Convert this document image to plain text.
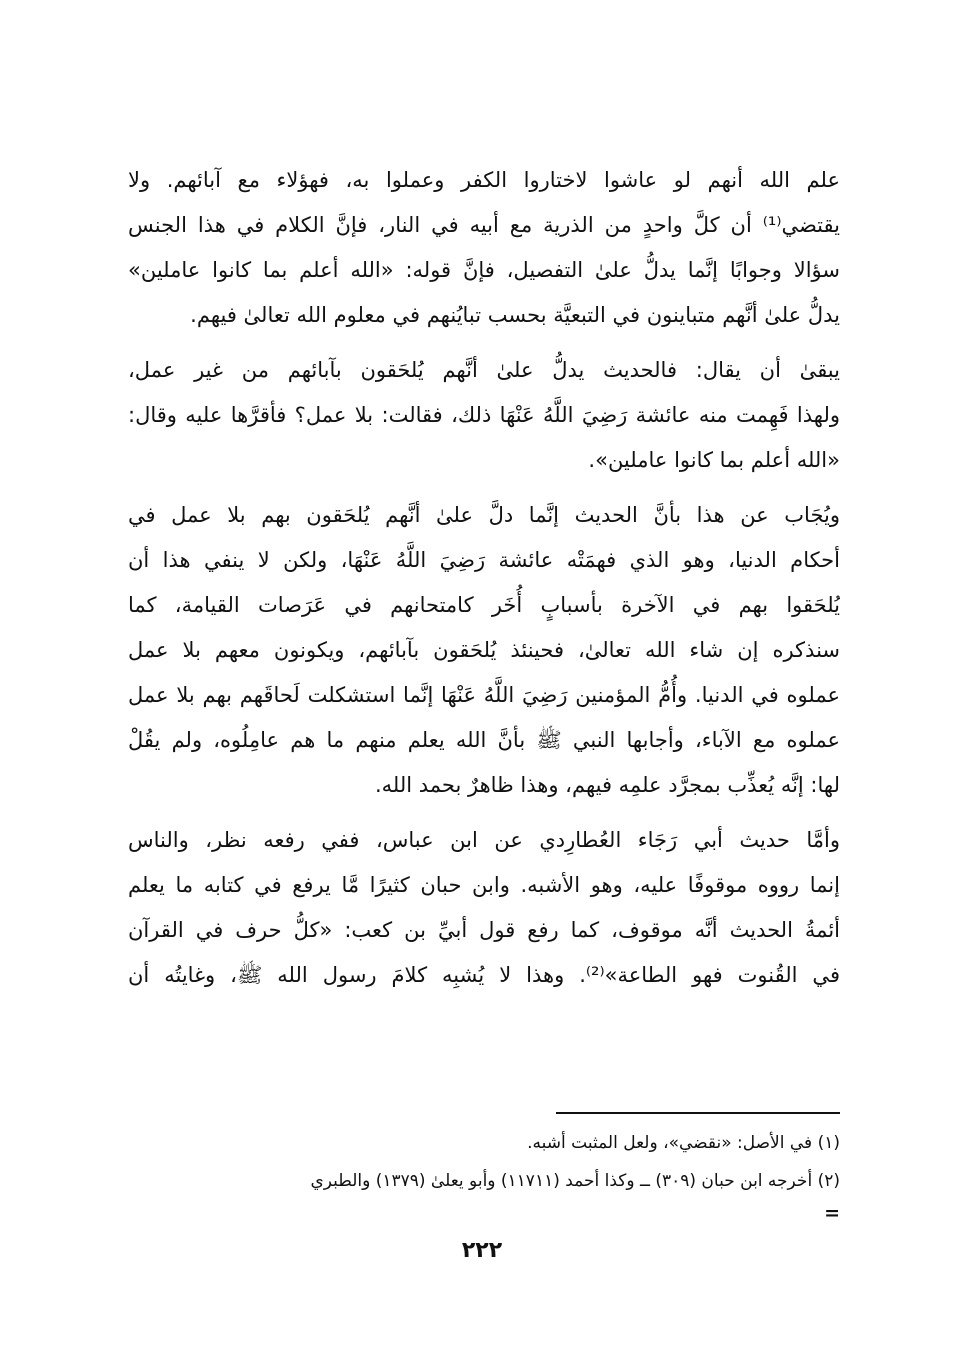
علم الله أنهم لو عاشوا لاختاروا الكفر وعملوا به، فهؤلاء مع آبائهم. ولا
يقتضي⁽¹⁾ أن كلَّ واحدٍ من الذرية مع أبيه في النار، فإنَّ الكلام في هذا الجنس
سؤالا وجوابًا إنَّما يدلُّ علىٰ التفصيل، فإنَّ قوله: «الله أعلم بما كانوا عاملين»
يدلُّ علىٰ أنَّهم متباينون في التبعيَّة بحسب تبايُنهم في معلوم الله تعالىٰ فيهم.
يبقىٰ أن يقال: فالحديث يدلُّ علىٰ أنَّهم يُلحَقون بآبائهم من غير عمل،
ولهذا فَهِمت منه عائشة رَضِيَ اللَّهُ عَنْهَا ذلك، فقالت: بلا عمل؟ فأقرَّها عليه وقال:
«الله أعلم بما كانوا عاملين».
ويُجَاب عن هذا بأنَّ الحديث إنَّما دلَّ علىٰ أنَّهم يُلحَقون بهم بلا عمل في
أحكام الدنيا، وهو الذي فهمَتْه عائشة رَضِيَ اللَّهُ عَنْهَا، ولكن لا ينفي هذا أن
يُلحَقوا بهم في الآخرة بأسبابٍ أُخَر كامتحانهم في عَرَصات القيامة، كما
سنذكره إن شاء الله تعالىٰ، فحينئذ يُلحَقون بآبائهم، ويكونون معهم بلا عمل
عملوه في الدنيا. وأُمُّ المؤمنين رَضِيَ اللَّهُ عَنْهَا إنَّما استشكلت لَحاقَهم بهم بلا عمل
عملوه مع الآباء، وأجابها النبي ﷺ بأنَّ الله يعلم منهم ما هم عامِلُوه، ولم يقُلْ
لها: إنَّه يُعذِّب بمجرَّد علمِه فيهم، وهذا ظاهرٌ بحمد الله.
وأمَّا حديث أبي رَجَاء العُطارِدي عن ابن عباس، ففي رفعه نظر، والناس
إنما رووه موقوفًا عليه، وهو الأشبه. وابن حبان كثيرًا مَّا يرفع في كتابه ما يعلم
أئمةُ الحديث أنَّه موقوف، كما رفع قول أبيِّ بن كعب: «كلُّ حرف في القرآن
في القُنوت فهو الطاعة»⁽²⁾. وهذا لا يُشبِه كلامَ رسول الله ﷺ، وغايتُه أن
(١) في الأصل: «نقضي»، ولعل المثبت أشبه.
(٢) أخرجه ابن حبان (٣٠٩) ــ وكذا أحمد (١١٧١١) وأبو يعلىٰ (١٣٧٩) والطبري
=
٢٢٢
